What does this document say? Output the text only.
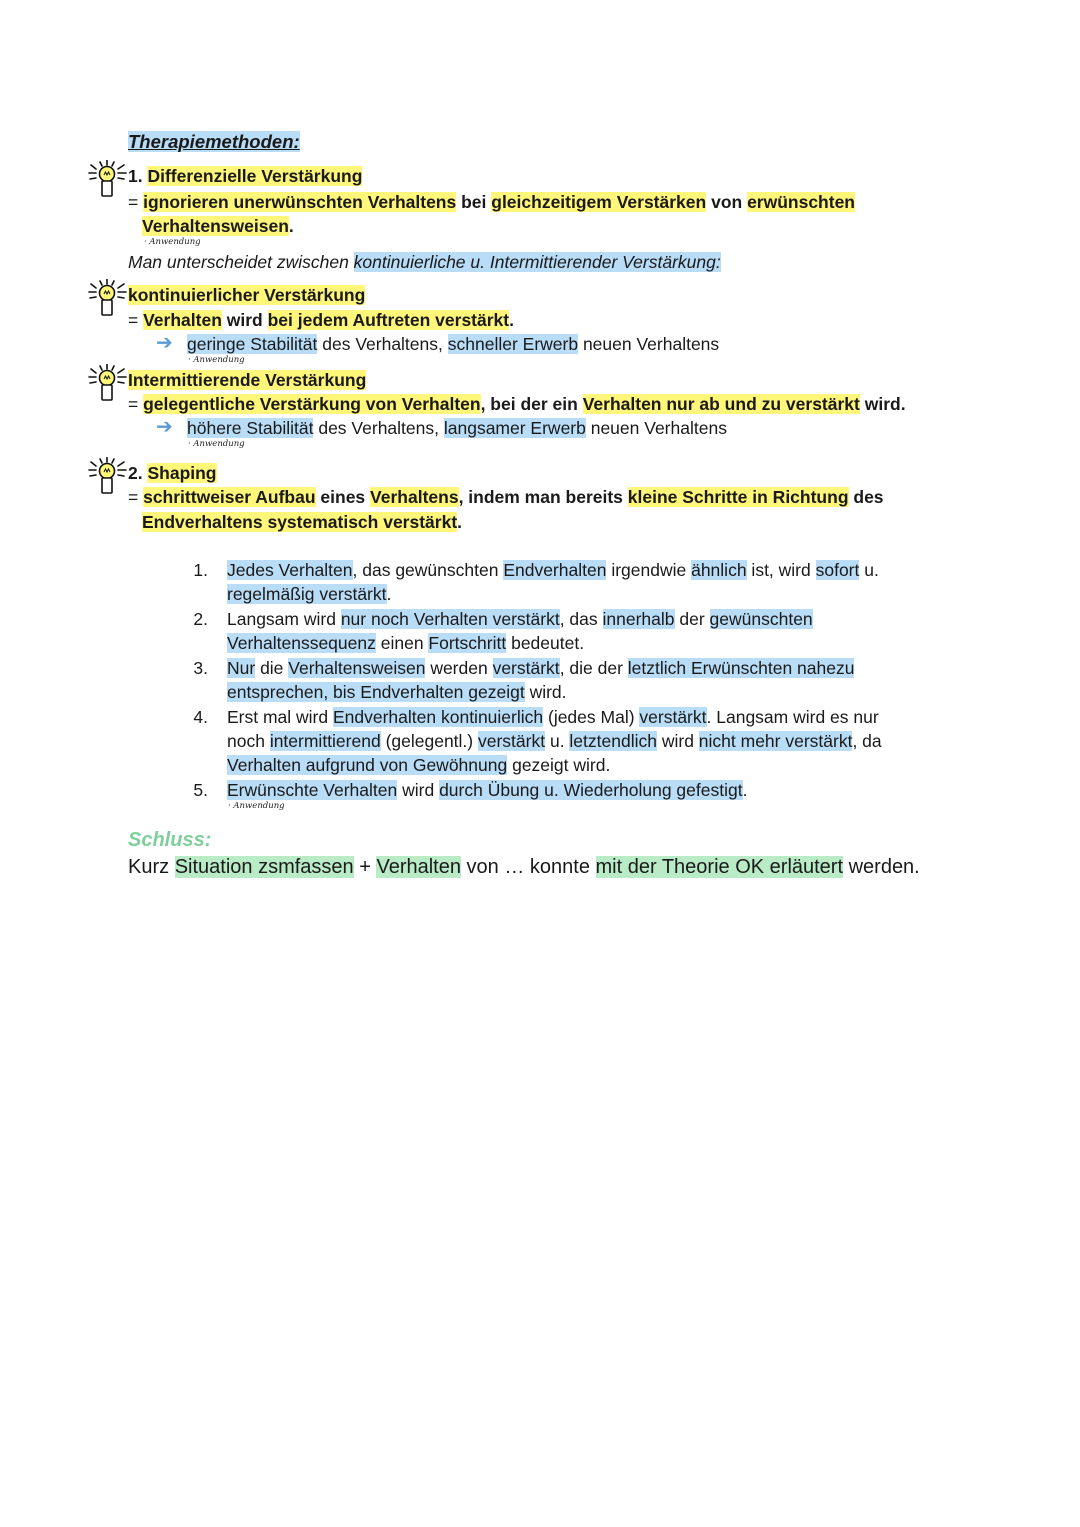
Therapiemethoden:
1. Differenzielle Verstärkung
= ignorieren unerwünschten Verhaltens bei gleichzeitigem Verstärken von erwünschten
Verhaltensweisen.
· Anwendung
Man unterscheidet zwischen kontinuierliche u. Intermittierender Verstärkung:
kontinuierlicher Verstärkung
= Verhalten wird bei jedem Auftreten verstärkt.
➔ geringe Stabilität des Verhaltens, schneller Erwerb neuen Verhaltens
· Anwendung
Intermittierende Verstärkung
= gelegentliche Verstärkung von Verhalten, bei der ein Verhalten nur ab und zu verstärkt wird.
➔ höhere Stabilität des Verhaltens, langsamer Erwerb neuen Verhaltens
· Anwendung
2. Shaping
= schrittweiser Aufbau eines Verhaltens, indem man bereits kleine Schritte in Richtung des
Endverhaltens systematisch verstärkt.
1. Jedes Verhalten, das gewünschten Endverhalten irgendwie ähnlich ist, wird sofort u.
regelmäßig verstärkt.
2. Langsam wird nur noch Verhalten verstärkt, das innerhalb der gewünschten
Verhaltenssequenz einen Fortschritt bedeutet.
3. Nur die Verhaltensweisen werden verstärkt, die der letztlich Erwünschten nahezu
entsprechen, bis Endverhalten gezeigt wird.
4. Erst mal wird Endverhalten kontinuierlich (jedes Mal) verstärkt. Langsam wird es nur
noch intermittierend (gelegentl.) verstärkt u. letztendlich wird nicht mehr verstärkt, da
Verhalten aufgrund von Gewöhnung gezeigt wird.
5. Erwünschte Verhalten wird durch Übung u. Wiederholung gefestigt.
· Anwendung
Schluss:
Kurz Situation zsmfassen + Verhalten von … konnte mit der Theorie OK erläutert werden.
